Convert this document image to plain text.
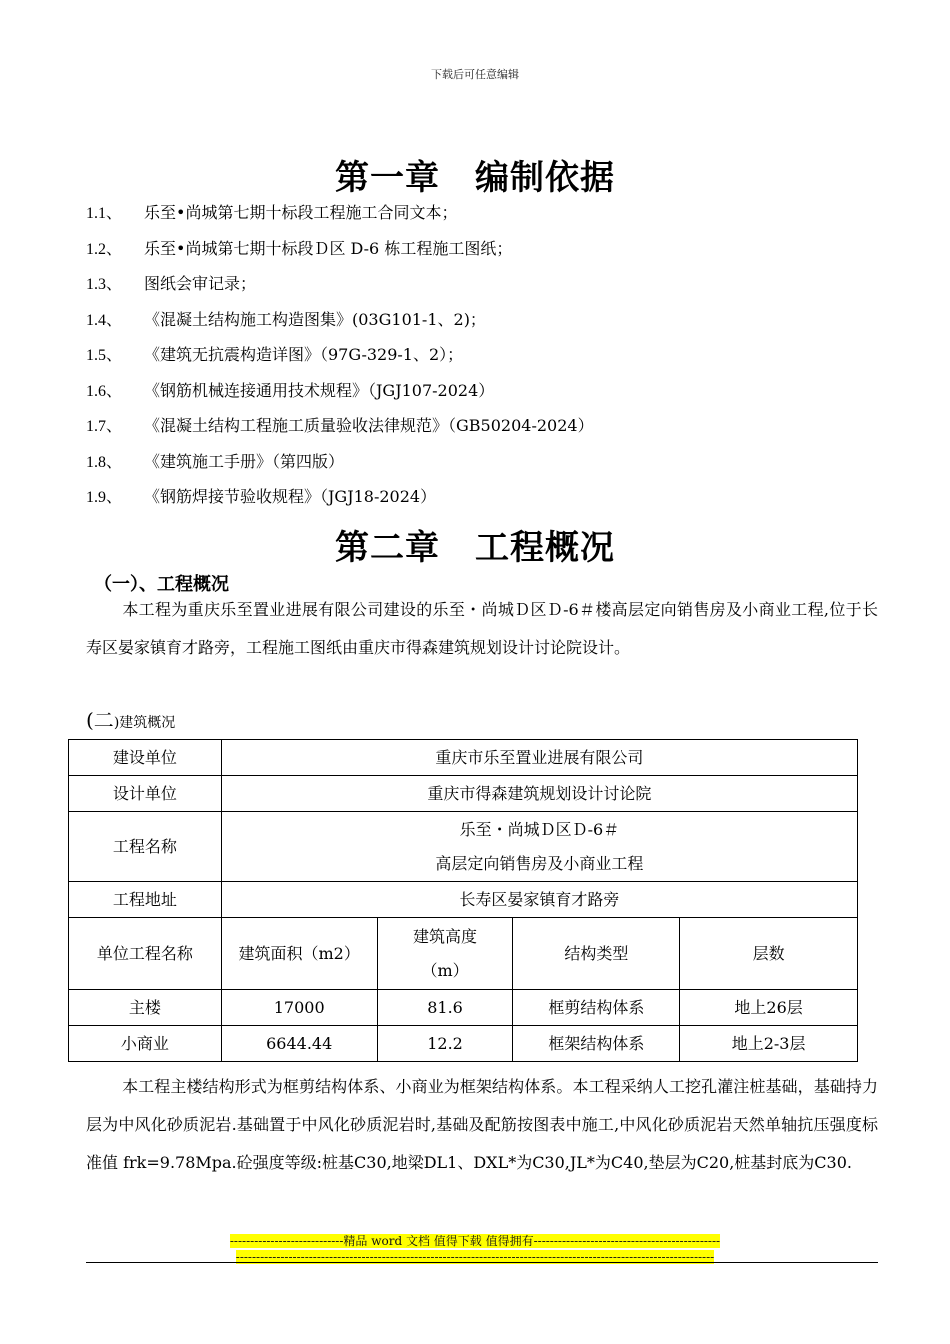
下载后可任意编辑
第一章　编制依据
1.1、 乐至•尚城第七期十标段工程施工合同文本；
1.2、 乐至•尚城第七期十标段Ｄ区 D-6 栋工程施工图纸；
1.3、 图纸会审记录；
1.4、 《混凝土结构施工构造图集》(03G101-1、2)；
1.5、 《建筑无抗震构造详图》（97G-329-1、2）；
1.6、 《钢筋机械连接通用技术规程》（JGJ107-2024）
1.7、 《混凝土结构工程施工质量验收法律规范》（GB50204-2024）
1.8、 《建筑施工手册》（第四版）
1.9、 《钢筋焊接节验收规程》（JGJ18-2024）
第二章　工程概况
（一）、工程概况
本工程为重庆乐至置业进展有限公司建设的乐至・尚城Ｄ区Ｄ-6＃楼高层定向销售房及小商业工程,位于长寿区晏家镇育才路旁，工程施工图纸由重庆市得森建筑规划设计讨论院设计。
(二)建筑概况
建设单位	重庆市乐至置业进展有限公司			
设计单位	重庆市得森建筑规划设计讨论院			
工程名称	乐至・尚城Ｄ区Ｄ-6＃
高层定向销售房及小商业工程			

工程地址	长寿区晏家镇育才路旁			
单位工程名称	建筑面积（m2）	建筑高度
（m）	结构类型	层数
主楼	17000	81.6	框剪结构体系	地上26层
小商业	6644.44	12.2	框架结构体系	地上2-3层
本工程主楼结构形式为框剪结构体系、小商业为框架结构体系。本工程采纳人工挖孔灌注桩基础，基础持力层为中风化砂质泥岩.基础置于中风化砂质泥岩时,基础及配筋按图表中施工,中风化砂质泥岩天然单轴抗压强度标准值 frk=9.78Mpa.砼强度等级:桩基C30,地梁DL1、DXL*为C30,JL*为C40,垫层为C20,桩基封底为C30.
----------------------------精品 word 文档 值得下载 值得拥有----------------------------------------------
----------------------------------------------------------------------------------------------------------------------
